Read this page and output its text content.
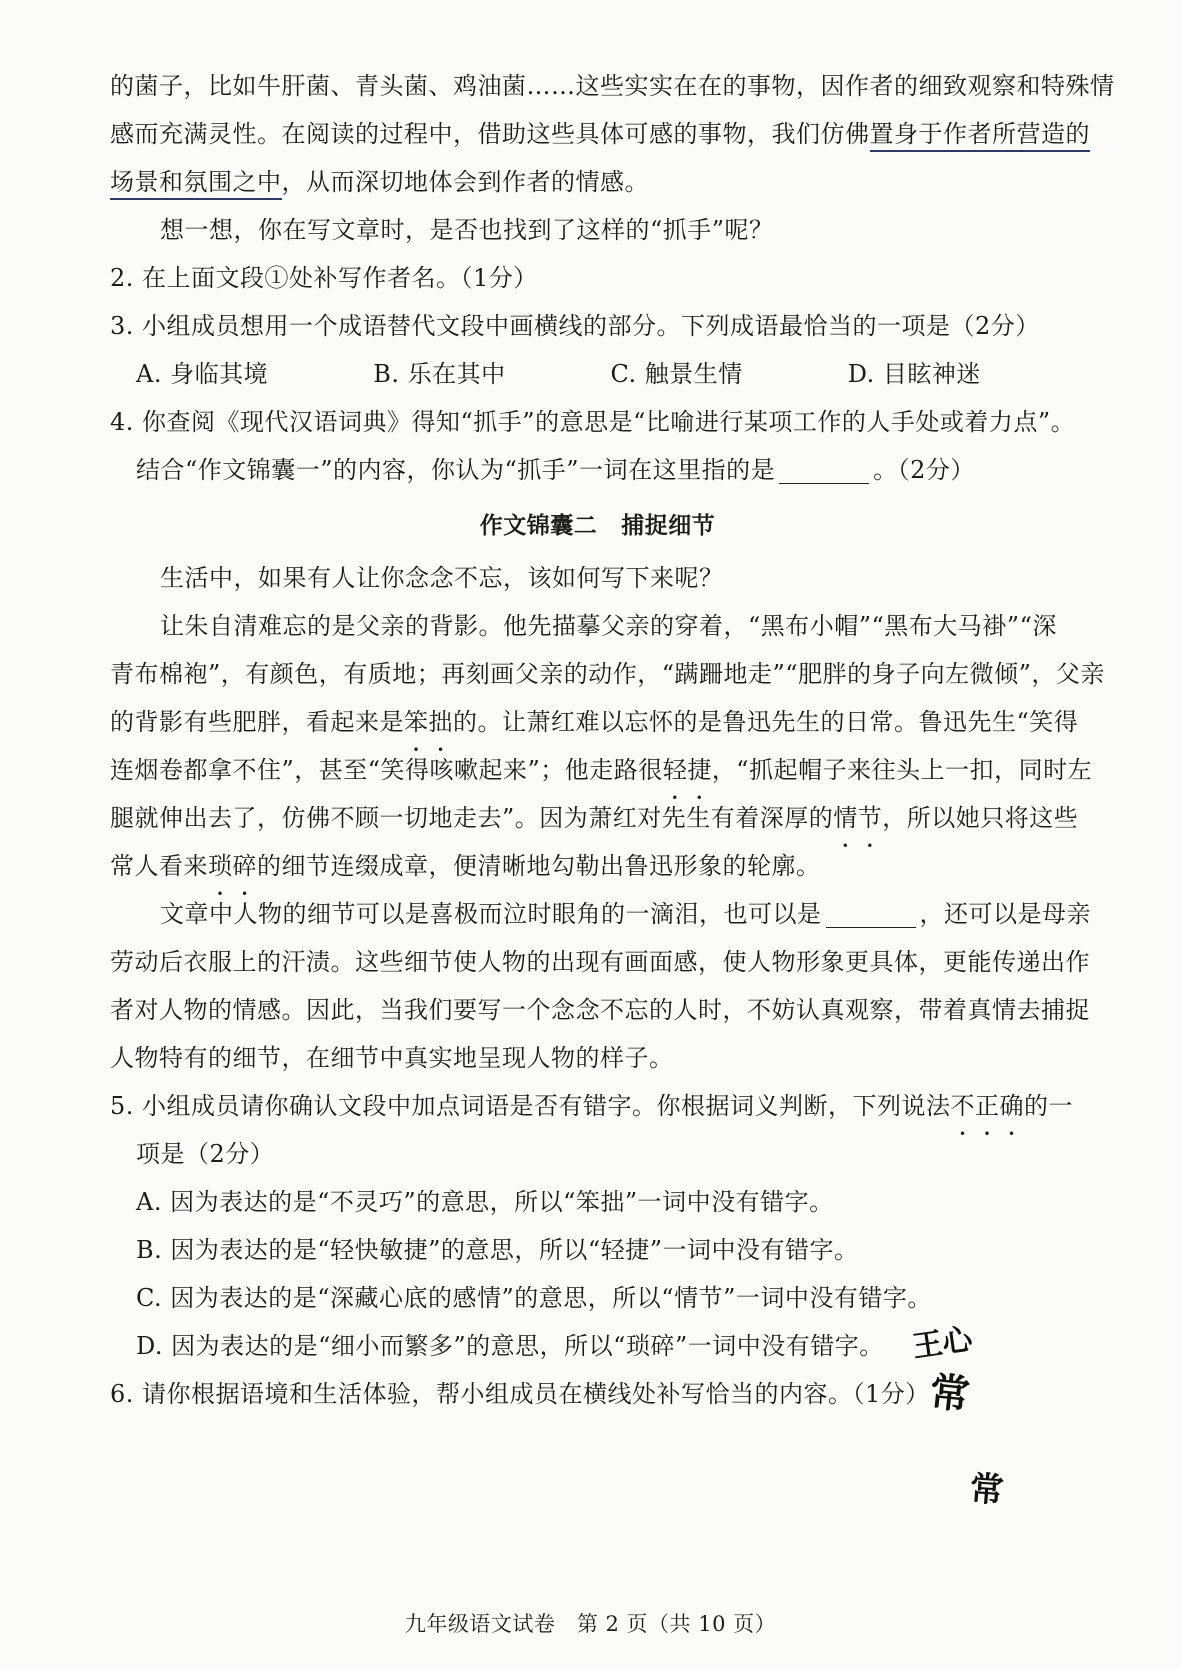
的菌子，比如牛肝菌、青头菌、鸡油菌……这些实实在在的事物，因作者的细致观察和特殊情
感而充满灵性。在阅读的过程中，借助这些具体可感的事物，我们仿佛置身于作者所营造的
场景和氛围之中，从而深切地体会到作者的情感。
想一想，你在写文章时，是否也找到了这样的“抓手”呢？
2. 在上面文段①处补写作者名。（1分）
3. 小组成员想用一个成语替代文段中画横线的部分。下列成语最恰当的一项是（2分）
A. 身临其境	B. 乐在其中	C. 触景生情	D. 目眩神迷
4. 你查阅《现代汉语词典》得知“抓手”的意思是“比喻进行某项工作的人手处或着力点”。
结合“作文锦囊一”的内容，你认为“抓手”一词在这里指的是	。（2分）
作文锦囊二 捕捉细节
生活中，如果有人让你念念不忘，该如何写下来呢？
让朱自清难忘的是父亲的背影。他先描摹父亲的穿着，“黑布小帽”“黑布大马褂”“深
青布棉袍”，有颜色，有质地；再刻画父亲的动作，“蹒跚地走”“肥胖的身子向左微倾”，父亲
的背影有些肥胖，看起来是笨拙的。让萧红难以忘怀的是鲁迅先生的日常。鲁迅先生“笑得
连烟卷都拿不住”，甚至“笑得咳嗽起来”；他走路很轻捷，“抓起帽子来往头上一扣，同时左
腿就伸出去了，仿佛不顾一切地走去”。因为萧红对先生有着深厚的情节，所以她只将这些
常人看来琐碎的细节连缀成章，便清晰地勾勒出鲁迅形象的轮廓。
文章中人物的细节可以是喜极而泣时眼角的一滴泪，也可以是	，还可以是母亲
劳动后衣服上的汗渍。这些细节使人物的出现有画面感，使人物形象更具体，更能传递出作
者对人物的情感。因此，当我们要写一个念念不忘的人时，不妨认真观察，带着真情去捕捉
人物特有的细节，在细节中真实地呈现人物的样子。
5. 小组成员请你确认文段中加点词语是否有错字。你根据词义判断，下列说法不正确的一
项是（2分）
A. 因为表达的是“不灵巧”的意思，所以“笨拙”一词中没有错字。
B. 因为表达的是“轻快敏捷”的意思，所以“轻捷”一词中没有错字。
C. 因为表达的是“深藏心底的感情”的意思，所以“情节”一词中没有错字。
D. 因为表达的是“细小而繁多”的意思，所以“琐碎”一词中没有错字。
6. 请你根据语境和生活体验，帮小组成员在横线处补写恰当的内容。（1分）
王心
常
常
九年级语文试卷　第 2 页（共 10 页）
